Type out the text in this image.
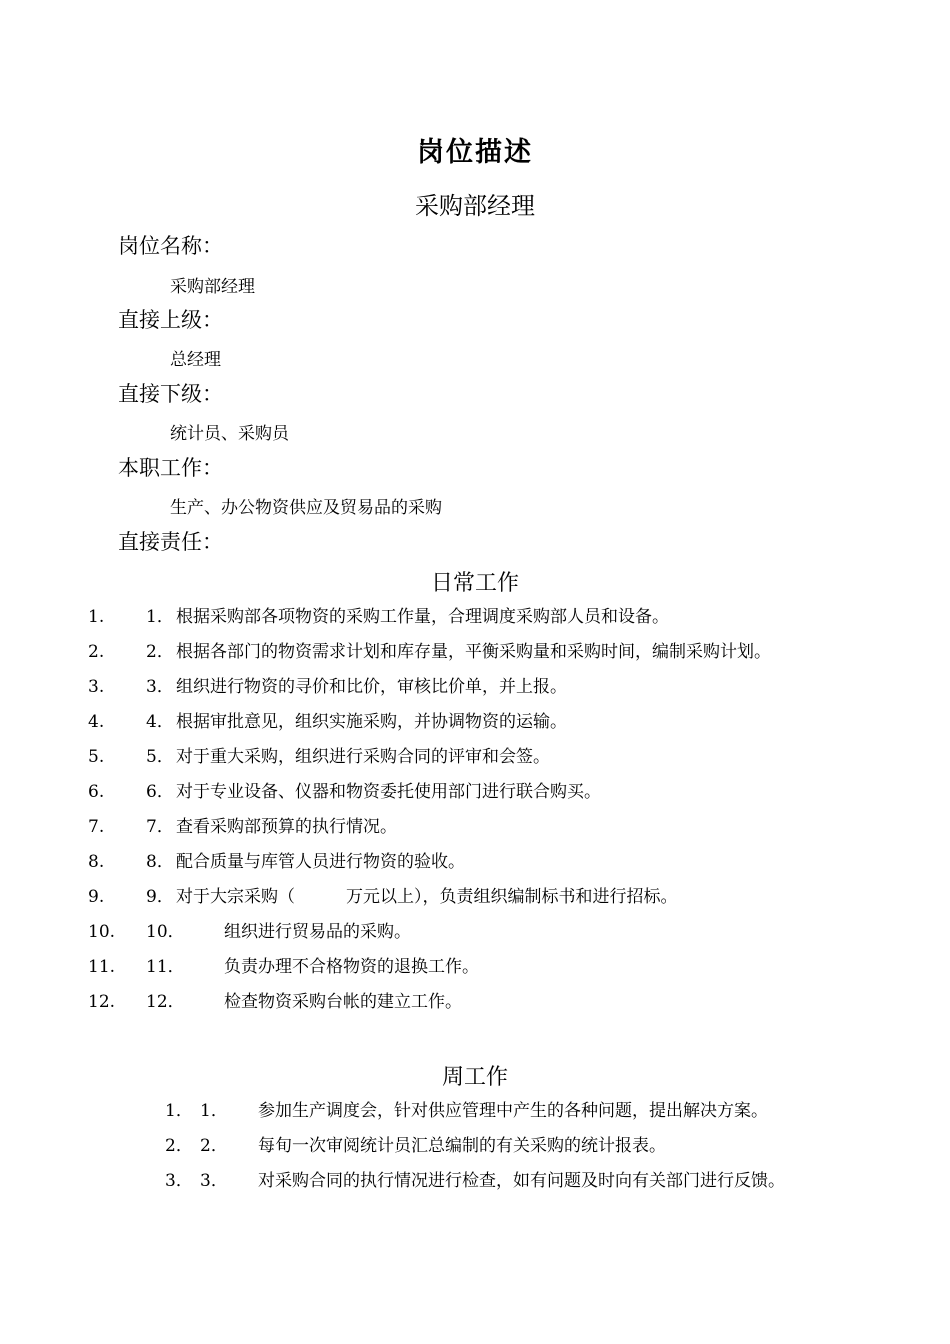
岗位描述
采购部经理
岗位名称：
采购部经理
直接上级：
总经理
直接下级：
统计员、采购员
本职工作：
生产、办公物资供应及贸易品的采购
直接责任：
日常工作
1. 1． 根据采购部各项物资的采购工作量，合理调度采购部人员和设备。
2. 2． 根据各部门的物资需求计划和库存量，平衡采购量和采购时间，编制采购计划。
3. 3． 组织进行物资的寻价和比价，审核比价单，并上报。
4. 4． 根据审批意见，组织实施采购，并协调物资的运输。
5. 5． 对于重大采购，组织进行采购合同的评审和会签。
6. 6． 对于专业设备、仪器和物资委托使用部门进行联合购买。
7. 7． 查看采购部预算的执行情况。
8. 8． 配合质量与库管人员进行物资的验收。
9. 9． 对于大宗采购（　　　万元以上），负责组织编制标书和进行招标。
10. 10． 组织进行贸易品的采购。
11. 11． 负责办理不合格物资的退换工作。
12. 12． 检查物资采购台帐的建立工作。
周工作
1． 1． 参加生产调度会，针对供应管理中产生的各种问题，提出解决方案。
2． 2． 每旬一次审阅统计员汇总编制的有关采购的统计报表。
3． 3． 对采购合同的执行情况进行检查，如有问题及时向有关部门进行反馈。
